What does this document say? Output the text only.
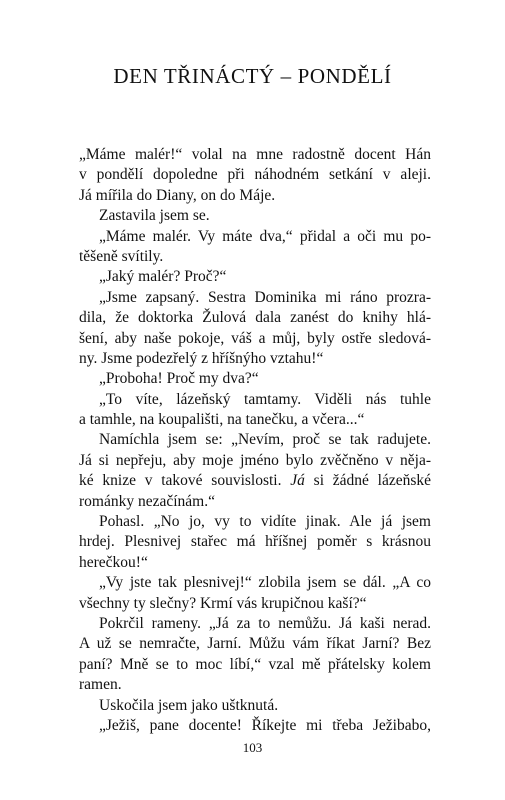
DEN TŘINÁCTÝ – PONDĚLÍ
„Máme malér!“ volal na mne radostně docent Hán
v pondělí dopoledne při náhodném setkání v aleji.
Já mířila do Diany, on do Máje.
Zastavila jsem se.
„Máme malér. Vy máte dva,“ přidal a oči mu po-
těšeně svítily.
„Jaký malér? Proč?“
„Jsme zapsaný. Sestra Dominika mi ráno prozra-
dila, že doktorka Žulová dala zanést do knihy hlá-
šení, aby naše pokoje, váš a můj, byly ostře sledová-
ny. Jsme podezřelý z hříšnýho vztahu!“
„Proboha! Proč my dva?“
„To víte, lázeňský tamtamy. Viděli nás tuhle
a tamhle, na koupališti, na tanečku, a včera...“
Namíchla jsem se: „Nevím, proč se tak radujete.
Já si nepřeju, aby moje jméno bylo zvěčněno v něja-
ké knize v takové souvislosti. Já si žádné lázeňské
románky nezačínám.“
Pohasl. „No jo, vy to vidíte jinak. Ale já jsem
hrdej. Plesnivej stařec má hříšnej poměr s krásnou
herečkou!“
„Vy jste tak plesnivej!“ zlobila jsem se dál. „A co
všechny ty slečny? Krmí vás krupičnou kaší?“
Pokrčil rameny. „Já za to nemůžu. Já kaši nerad.
A už se nemračte, Jarní. Můžu vám říkat Jarní? Bez
paní? Mně se to moc líbí,“ vzal mě přátelsky kolem
ramen.
Uskočila jsem jako uštknutá.
„Ježiš, pane docente! Říkejte mi třeba Ježibabo,
103
